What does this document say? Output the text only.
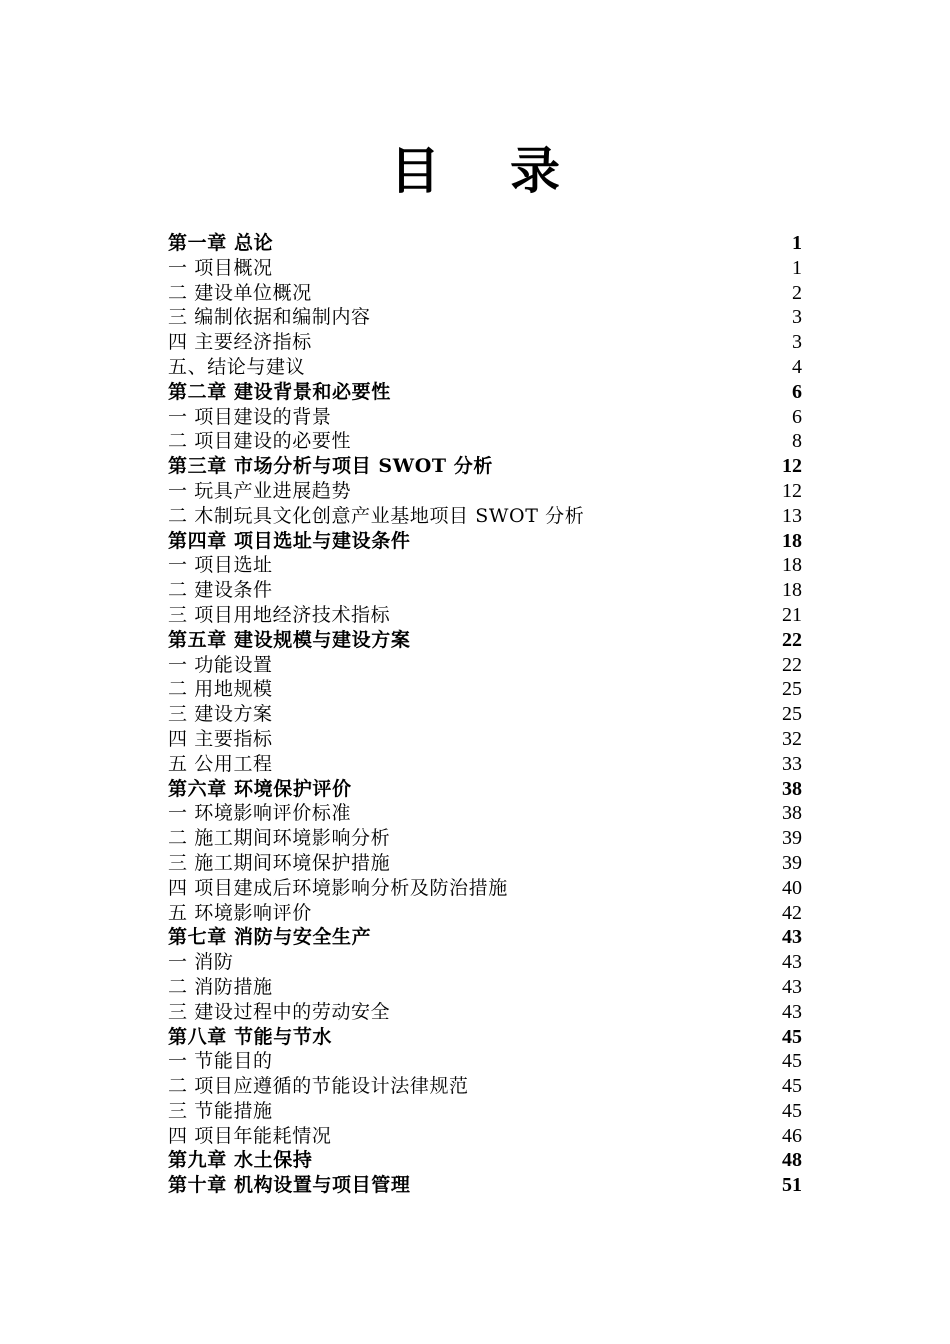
目 录
第一章 总论	1
一 项目概况	1
二 建设单位概况	2
三 编制依据和编制内容	3
四 主要经济指标	3
五、结论与建议	4
第二章 建设背景和必要性	6
一 项目建设的背景	6
二 项目建设的必要性	8
第三章 市场分析与项目 SWOT 分析	12
一 玩具产业进展趋势	12
二 木制玩具文化创意产业基地项目 SWOT 分析	13
第四章 项目选址与建设条件	18
一 项目选址	18
二 建设条件	18
三 项目用地经济技术指标	21
第五章 建设规模与建设方案	22
一 功能设置	22
二 用地规模	25
三 建设方案	25
四 主要指标	32
五 公用工程	33
第六章 环境保护评价	38
一 环境影响评价标准	38
二 施工期间环境影响分析	39
三 施工期间环境保护措施	39
四 项目建成后环境影响分析及防治措施	40
五 环境影响评价	42
第七章 消防与安全生产	43
一 消防	43
二 消防措施	43
三 建设过程中的劳动安全	43
第八章 节能与节水	45
一 节能目的	45
二 项目应遵循的节能设计法律规范	45
三 节能措施	45
四 项目年能耗情况	46
第九章 水土保持	48
第十章 机构设置与项目管理	51
